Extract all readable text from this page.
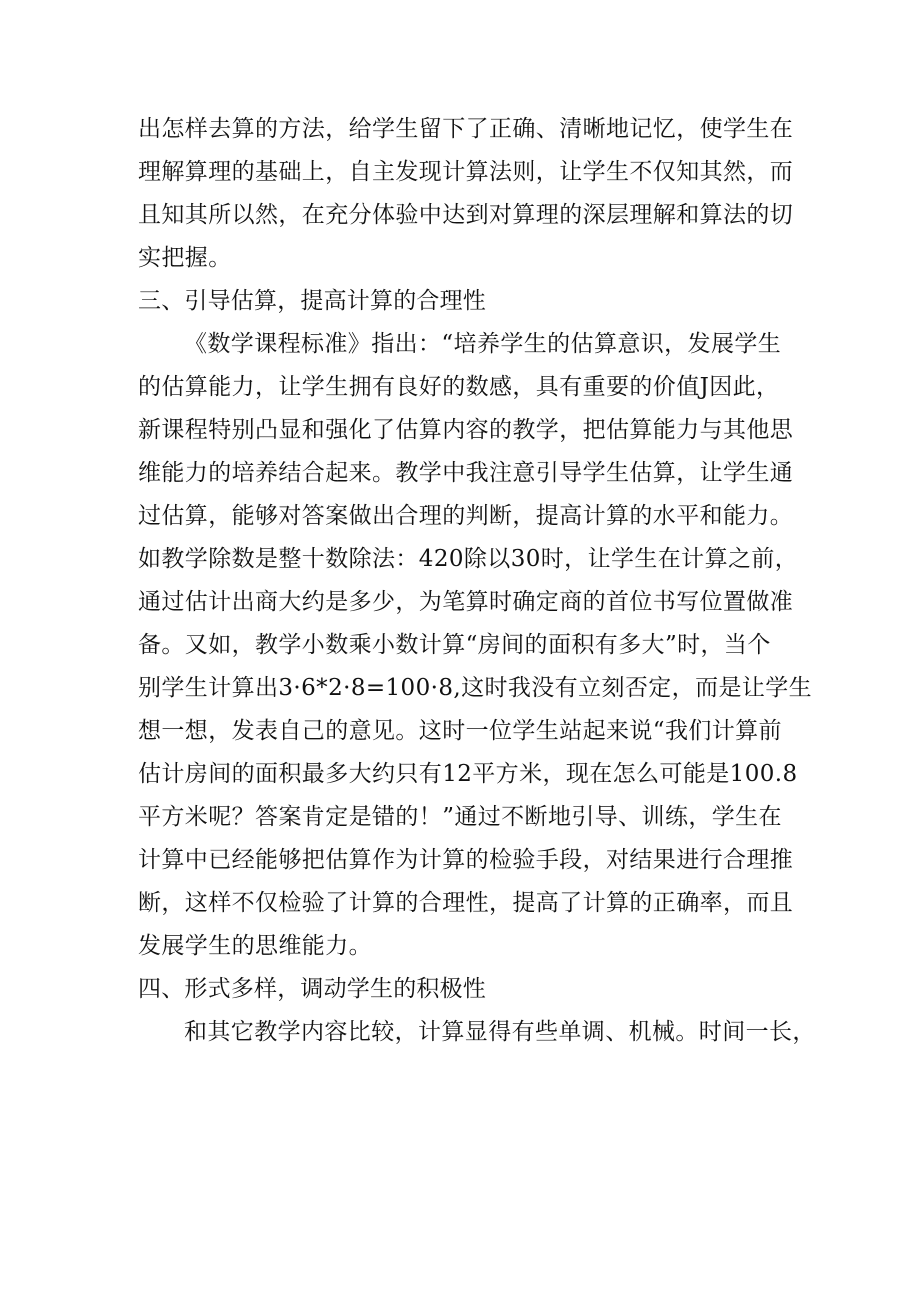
出怎样去算的方法，给学生留下了正确、清晰地记忆，使学生在
理解算理的基础上，自主发现计算法则，让学生不仅知其然，而
且知其所以然，在充分体验中达到对算理的深层理解和算法的切
实把握。
三、引导估算，提高计算的合理性
《数学课程标准》指出：“培养学生的估算意识，发展学生
的估算能力，让学生拥有良好的数感，具有重要的价值J因此，
新课程特别凸显和强化了估算内容的教学，把估算能力与其他思
维能力的培养结合起来。教学中我注意引导学生估算，让学生通
过估算，能够对答案做出合理的判断，提高计算的水平和能力。
如教学除数是整十数除法：420除以30时，让学生在计算之前，
通过估计出商大约是多少，为笔算时确定商的首位书写位置做准
备。又如，教学小数乘小数计算“房间的面积有多大”时，当个
别学生计算出3·6*2·8=100·8,这时我没有立刻否定，而是让学生
想一想，发表自己的意见。这时一位学生站起来说“我们计算前
估计房间的面积最多大约只有12平方米，现在怎么可能是100.8
平方米呢？答案肯定是错的！”通过不断地引导、训练，学生在
计算中已经能够把估算作为计算的检验手段，对结果进行合理推
断，这样不仅检验了计算的合理性，提高了计算的正确率，而且
发展学生的思维能力。
四、形式多样，调动学生的积极性
和其它教学内容比较，计算显得有些单调、机械。时间一长，
